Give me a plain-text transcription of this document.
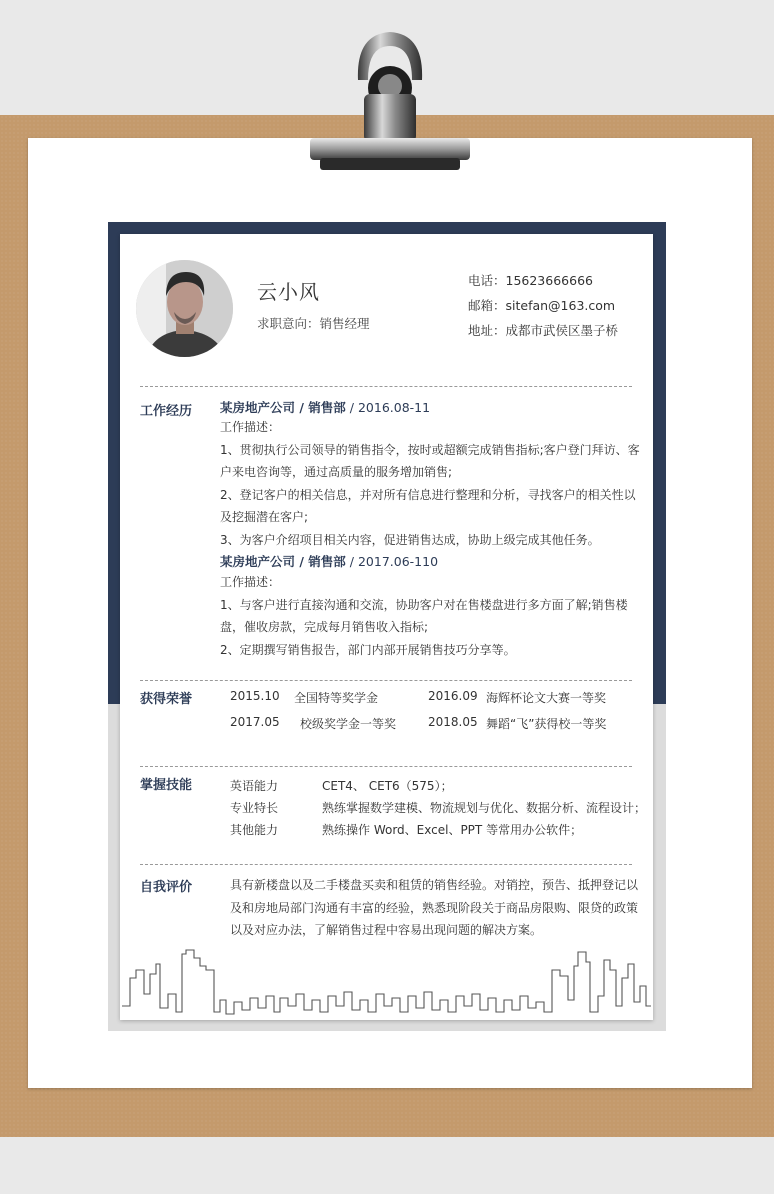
云小风
求职意向：销售经理
电话：15623666666
邮箱：sitefan@163.com
地址：成都市武侯区墨子桥
工作经历 某房地产公司 / 销售部 / 2016.08-11
工作描述：
1、贯彻执行公司领导的销售指令，按时或超额完成销售指标;客户登门拜访、客户来电咨询等，通过高质量的服务增加销售;
2、登记客户的相关信息，并对所有信息进行整理和分析，寻找客户的相关性以及挖掘潜在客户;
3、为客户介绍项目相关内容，促进销售达成，协助上级完成其他任务。
某房地产公司 / 销售部 / 2017.06-110
工作描述：
1、与客户进行直接沟通和交流，协助客户对在售楼盘进行多方面了解;销售楼盘，催收房款，完成每月销售收入指标;
2、定期撰写销售报告，部门内部开展销售技巧分享等。
获得荣誉	2015.10 全国特等奖学金	2016.09 海辉杯论文大赛一等奖
2017.05 校级奖学金一等奖	2018.05 舞蹈“飞”获得校一等奖
掌握技能	英语能力	CET4、 CET6（575）；
专业特长	熟练掌握数学建模、物流规划与优化、数据分析、流程设计；
其他能力	熟练操作 Word、Excel、PPT 等常用办公软件；
自我评价	具有新楼盘以及二手楼盘买卖和租赁的销售经验。对销控，预告、抵押登记以及和房地局部门沟通有丰富的经验，熟悉现阶段关于商品房限购、限贷的政策以及对应办法，了解销售过程中容易出现问题的解决方案。
